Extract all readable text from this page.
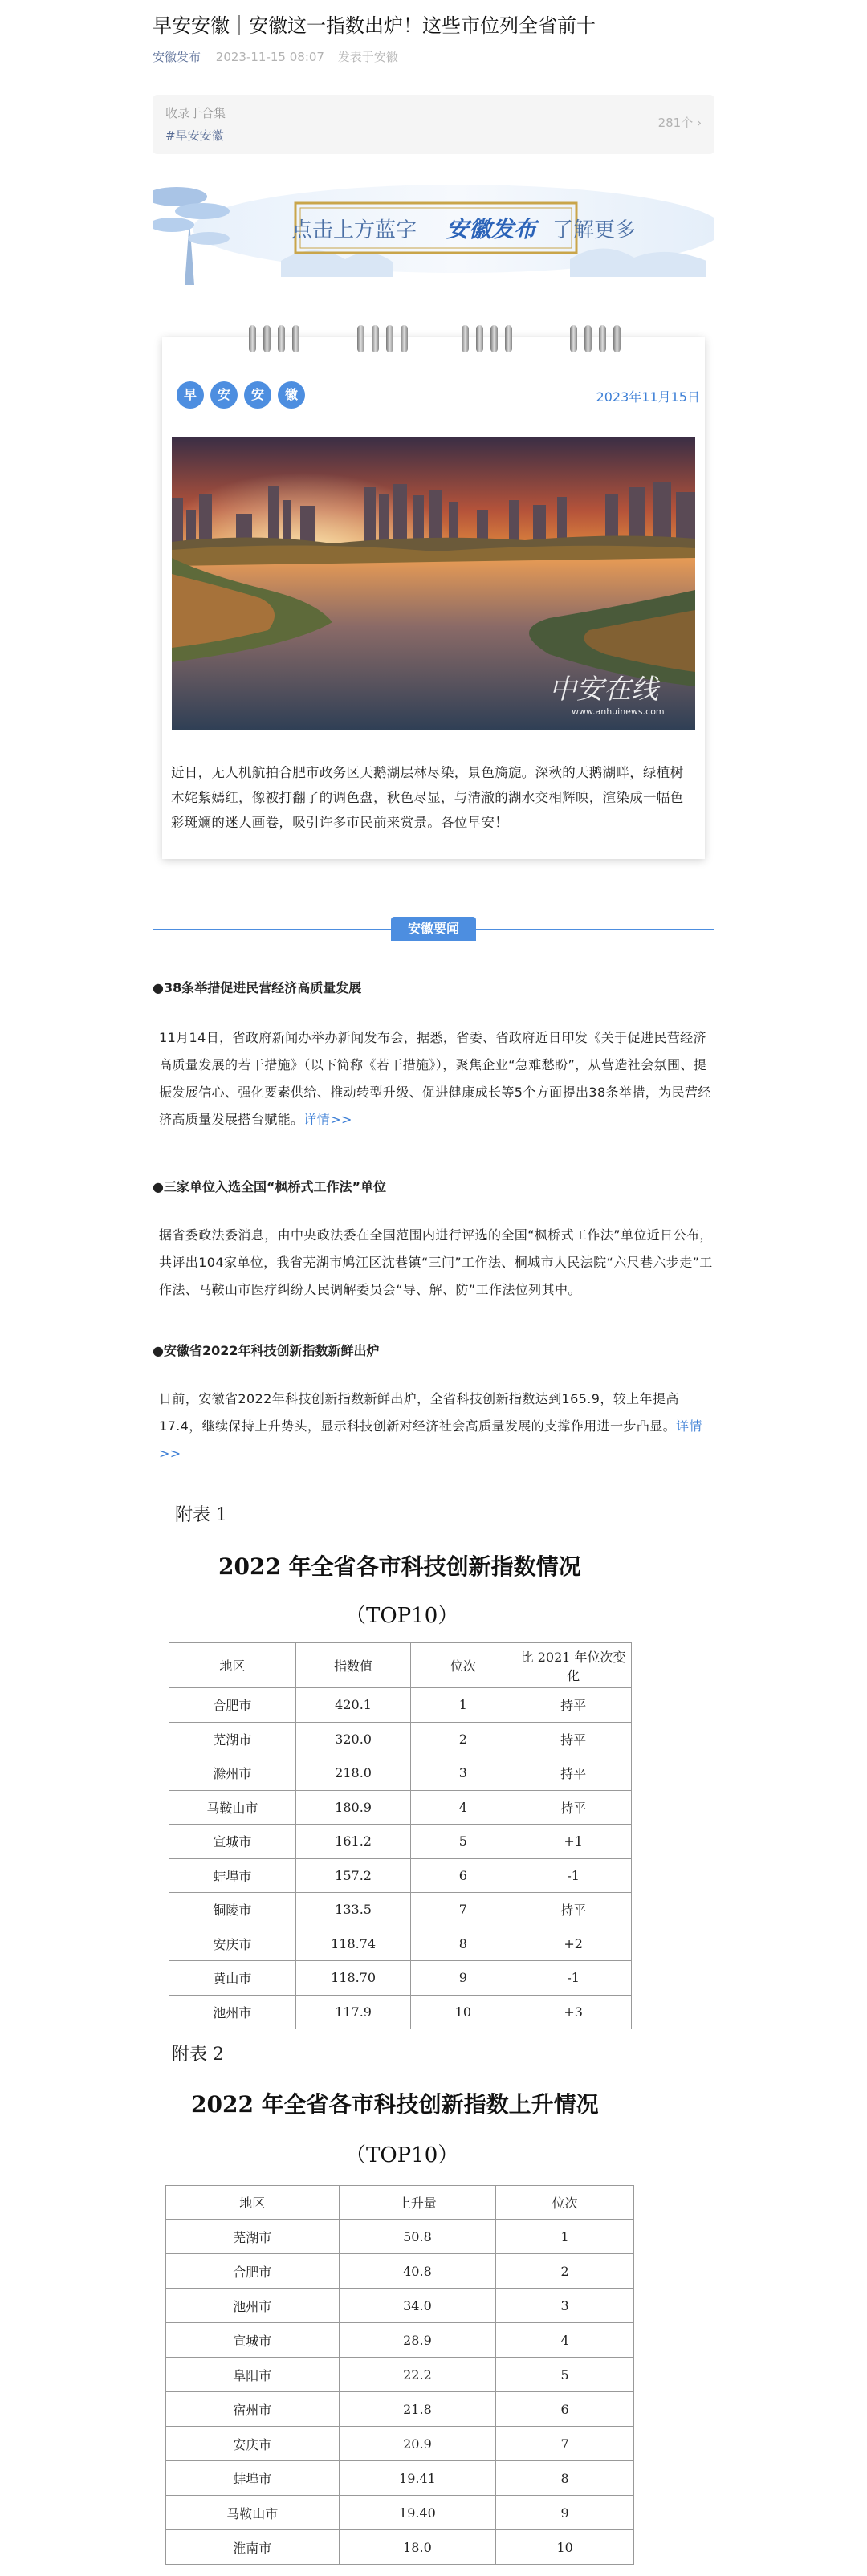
早安安徽｜安徽这一指数出炉！这些市位列全省前十
安徽发布 2023-11-15 08:07 发表于安徽
收录于合集
#早安安徽
281个 ›
点击上方蓝字 安徽发布 了解更多
早	安	安	徽	2023年11月15日
中安在线
www.anhuinews.com

近日，无人机航拍合肥市政务区天鹅湖层林尽染，景色旖旎。深秋的天鹅湖畔，绿植树木姹紫嫣红，像被打翻了的调色盘，秋色尽显，与清澈的湖水交相辉映，渲染成一幅色彩斑斓的迷人画卷，吸引许多市民前来赏景。各位早安！

安徽要闻

●38条举措促进民营经济高质量发展

11月14日，省政府新闻办举办新闻发布会，据悉，省委、省政府近日印发《关于促进民营经济高质量发展的若干措施》（以下简称《若干措施》），聚焦企业“急难愁盼”，从营造社会氛围、提振发展信心、强化要素供给、推动转型升级、促进健康成长等5个方面提出38条举措，为民营经济高质量发展搭台赋能。详情>>

●三家单位入选全国“枫桥式工作法”单位

据省委政法委消息，由中央政法委在全国范围内进行评选的全国“枫桥式工作法”单位近日公布，共评出104家单位，我省芜湖市鸠江区沈巷镇“三问”工作法、桐城市人民法院“六尺巷六步走”工作法、马鞍山市医疗纠纷人民调解委员会“导、解、防”工作法位列其中。

●安徽省2022年科技创新指数新鲜出炉

日前，安徽省2022年科技创新指数新鲜出炉，全省科技创新指数达到165.9，较上年提高17.4，继续保持上升势头，显示科技创新对经济社会高质量发展的支撑作用进一步凸显。详情>>

附表 1
2022 年全省各市科技创新指数情况
（TOP10）
地区	指数值	位次	比 2021 年位次变化
合肥市	420.1	1	持平
芜湖市	320.0	2	持平
滁州市	218.0	3	持平
马鞍山市	180.9	4	持平
宣城市	161.2	5	+1
蚌埠市	157.2	6	-1
铜陵市	133.5	7	持平
安庆市	118.74	8	+2
黄山市	118.70	9	-1
池州市	117.9	10	+3
附表 2
2022 年全省各市科技创新指数上升情况
（TOP10）
地区	上升量	位次
芜湖市	50.8	1
合肥市	40.8	2
池州市	34.0	3
宣城市	28.9	4
阜阳市	22.2	5
宿州市	21.8	6
安庆市	20.9	7
蚌埠市	19.41	8
马鞍山市	19.40	9
淮南市	18.0	10
